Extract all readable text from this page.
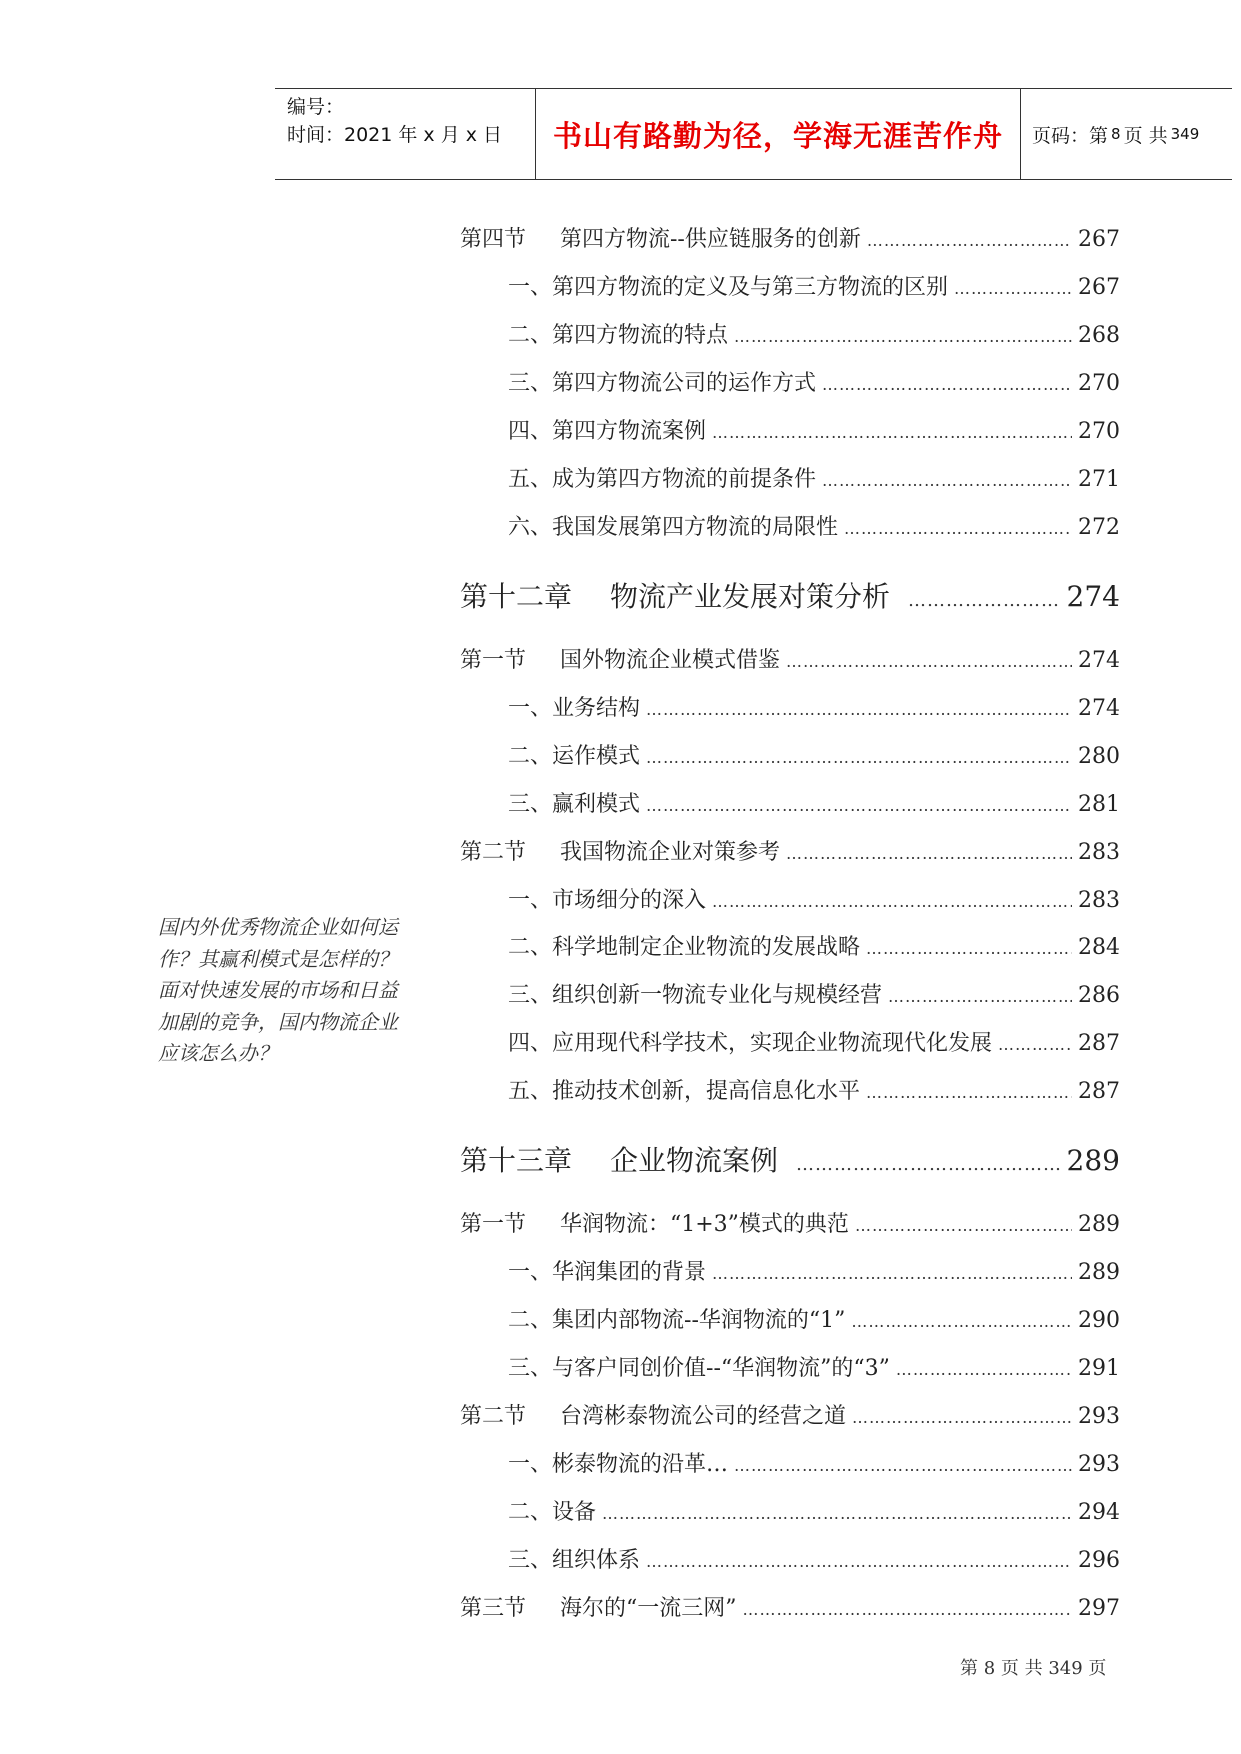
编号：
时间：2021 年 x 月 x 日	书山有路勤为径，学海无涯苦作舟	页码：第 8 页 共 349
第四节	第四方物流--供应链服务的创新 …………………………………………………………………………………………………………………………	267
一、 第四方物流的定义及与第三方物流的区别 …………………………………………………………………………………………………………………………	267
二、 第四方物流的特点 …………………………………………………………………………………………………………………………	268
三、 第四方物流公司的运作方式 …………………………………………………………………………………………………………………………	270
四、 第四方物流案例 …………………………………………………………………………………………………………………………	270
五、 成为第四方物流的前提条件 …………………………………………………………………………………………………………………………	271
六、 我国发展第四方物流的局限性 …………………………………………………………………………………………………………………………	272
第十二章	物流产业发展对策分析 …………………………………………………………………………………………………………………………	274
第一节	国外物流企业模式借鉴 …………………………………………………………………………………………………………………………	274
一、 业务结构 …………………………………………………………………………………………………………………………	274
二、 运作模式 …………………………………………………………………………………………………………………………	280
三、 赢利模式 …………………………………………………………………………………………………………………………	281
第二节	我国物流企业对策参考 …………………………………………………………………………………………………………………………	283
一、 市场细分的深入 …………………………………………………………………………………………………………………………	283
二、 科学地制定企业物流的发展战略 …………………………………………………………………………………………………………………………	284
三、 组织创新一物流专业化与规模经营 …………………………………………………………………………………………………………………………	286
四、 应用现代科学技术，实现企业物流现代化发展 …………………………………………………………………………………………………………………………	287
五、 推动技术创新，提高信息化水平 …………………………………………………………………………………………………………………………	287
第十三章	企业物流案例 …………………………………………………………………………………………………………………………	289
第一节	华润物流：“1+3”模式的典范 …………………………………………………………………………………………………………………………	289
一、 华润集团的背景 …………………………………………………………………………………………………………………………	289
二、 集团内部物流--华润物流的“1” …………………………………………………………………………………………………………………………	290
三、 与客户同创价值--“华润物流”的“3” …………………………………………………………………………………………………………………………	291
第二节	台湾彬泰物流公司的经营之道 …………………………………………………………………………………………………………………………	293
一、 彬泰物流的沿革… …………………………………………………………………………………………………………………………	293
二、 设备 …………………………………………………………………………………………………………………………	294
三、 组织体系 …………………………………………………………………………………………………………………………	296
第三节	海尔的“一流三网” …………………………………………………………………………………………………………………………	297
国内外优秀物流企业如何运作？其赢利模式是怎样的？面对快速发展的市场和日益加剧的竞争，国内物流企业应该怎么办？
第 8 页 共 349 页
